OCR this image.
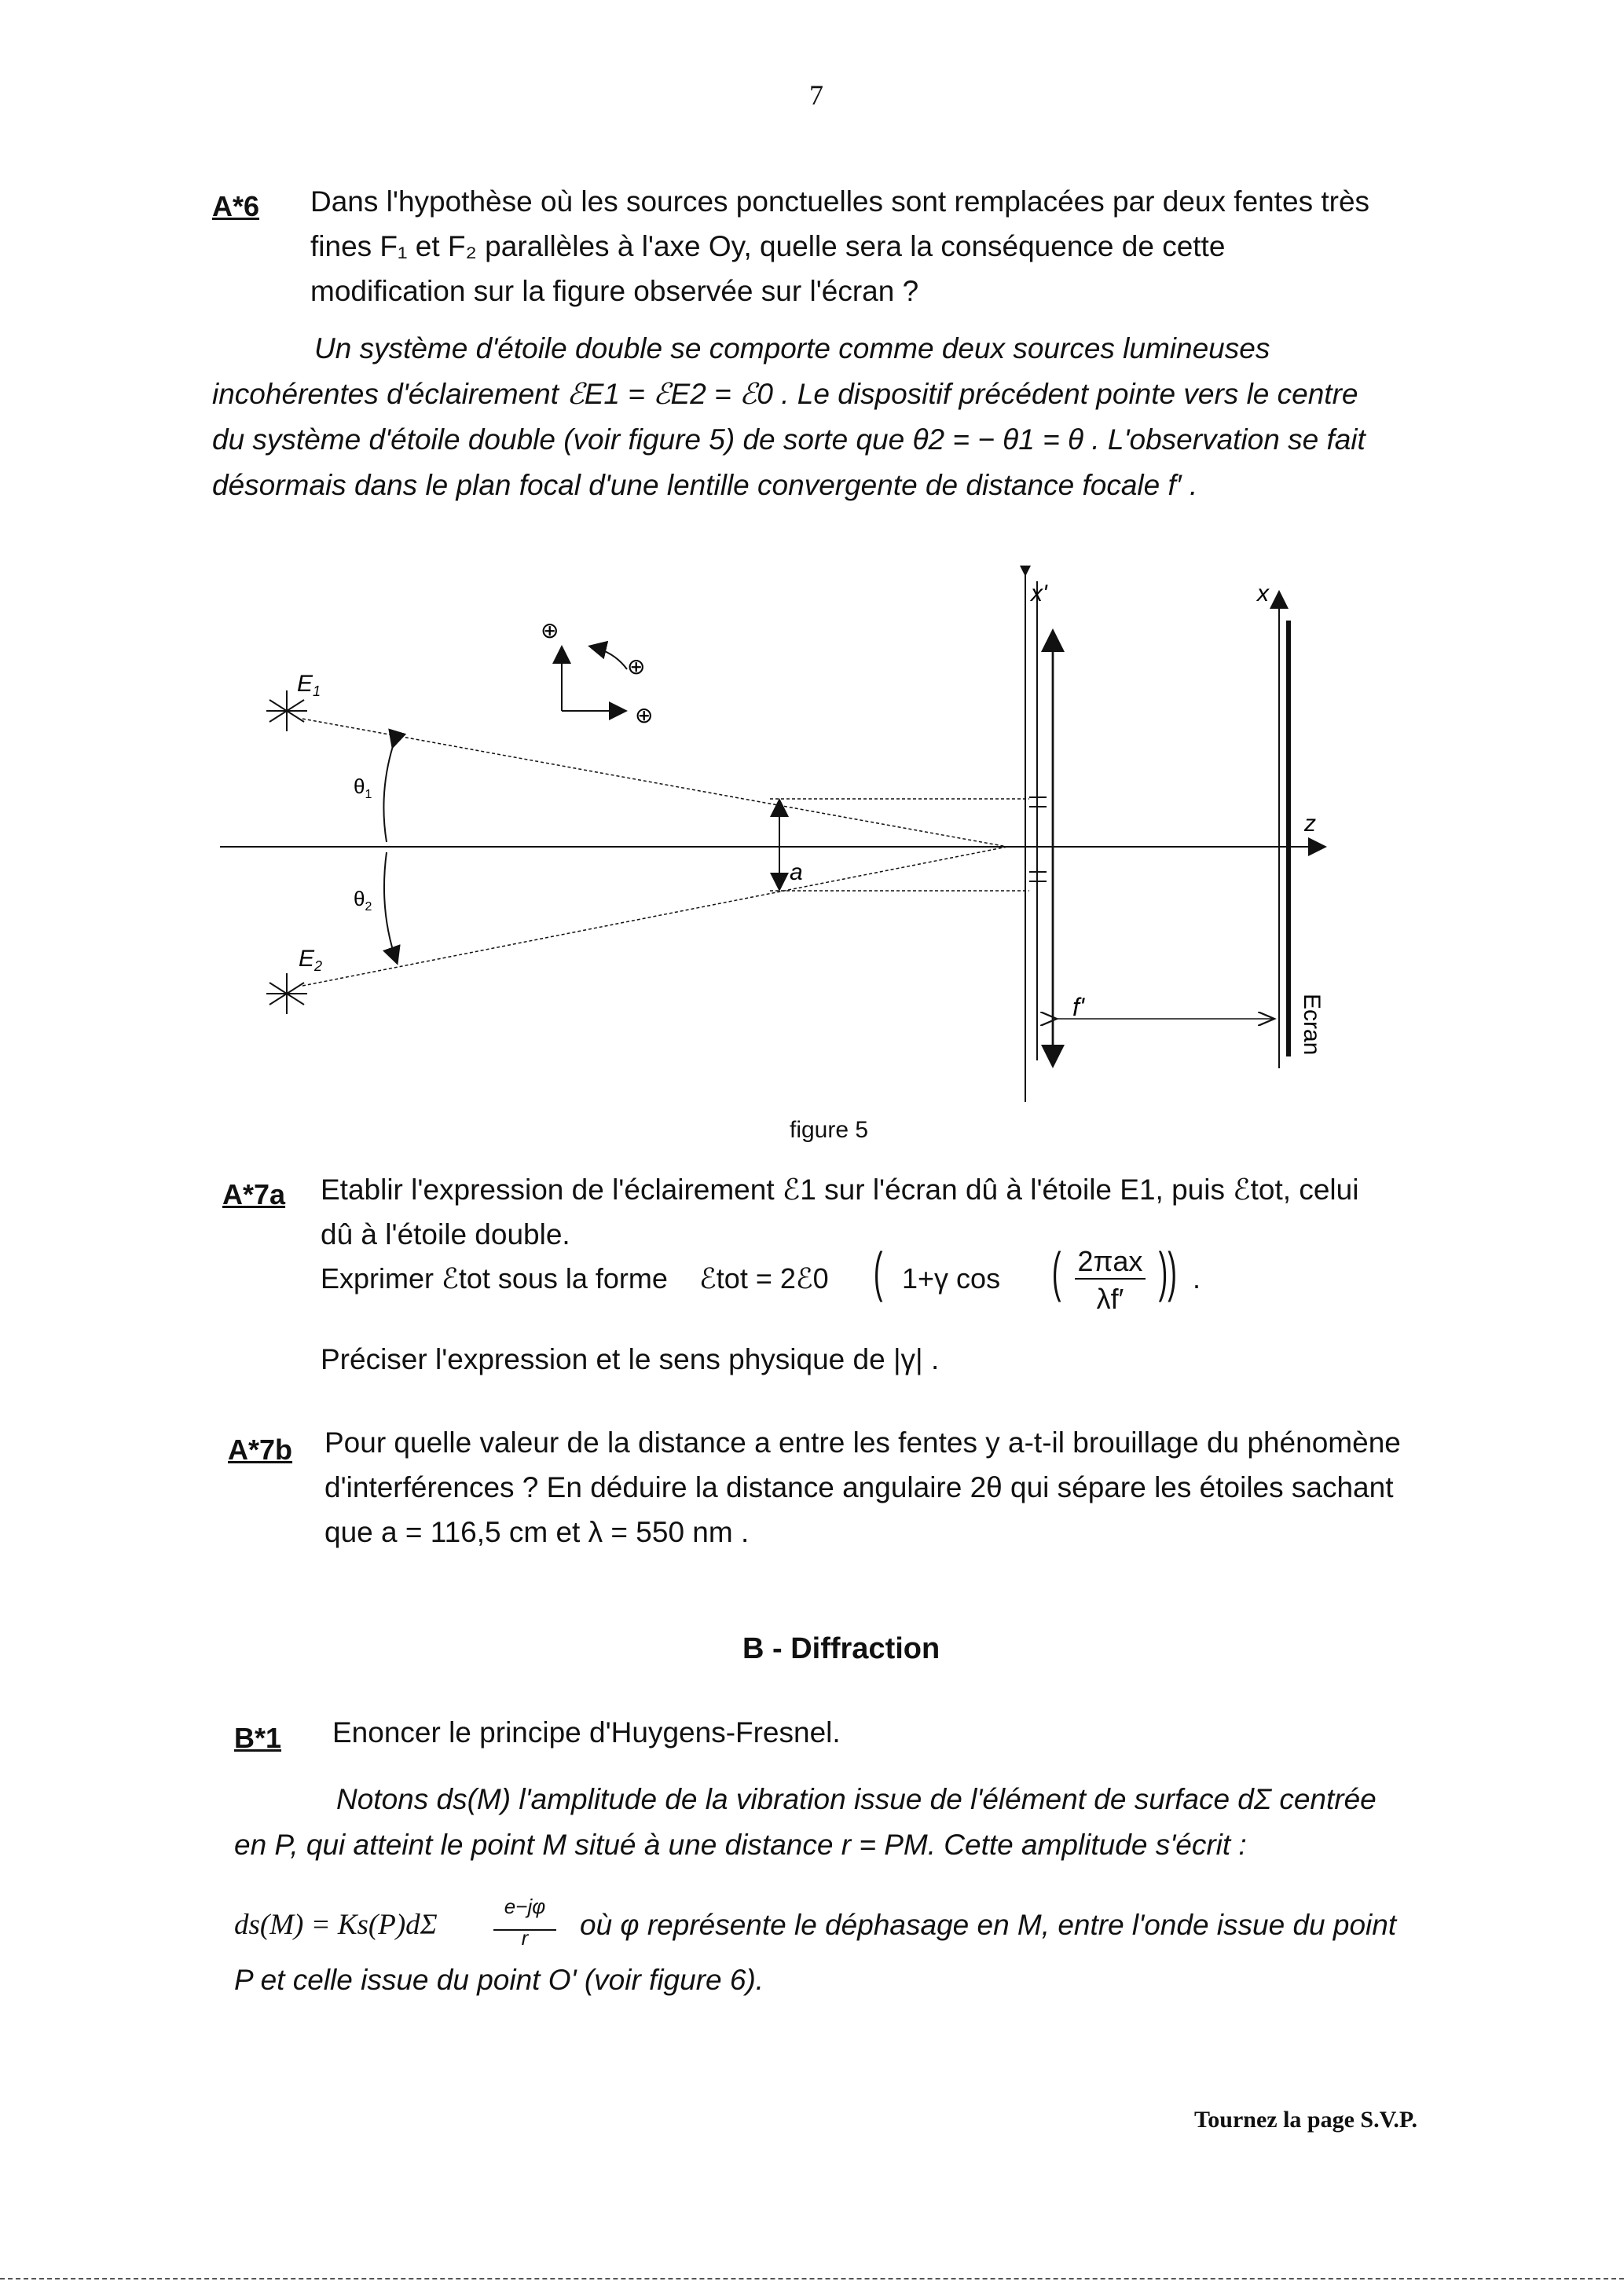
7
A*6 Dans l'hypothèse où les sources ponctuelles sont remplacées par deux fentes très
fines F₁ et F₂ parallèles à l'axe Oy, quelle sera la conséquence de cette
modification sur la figure observée sur l'écran ?
Un système d'étoile double se comporte comme deux sources lumineuses
incohérentes d'éclairement ℰE1 = ℰE2 = ℰ0 . Le dispositif précédent pointe vers le centre
du système d'étoile double (voir figure 5) de sorte que θ2 = − θ1 = θ . L'observation se fait
désormais dans le plan focal d'une lentille convergente de distance focale f′ .
$E_1$
$E_2$
$\theta_1$
$\theta_2$
⊕
⊕
⊕
x'
a
x
z
Ecran
f'
figure 5
A*7a Etablir l'expression de l'éclairement ℰ1 sur l'écran dû à l'étoile E1, puis ℰtot, celui
dû à l'étoile double.
Exprimer ℰtot sous la forme ℰtot = 2ℰ0 ( 1+γ cos ( 2πax
λf′ )) .
Préciser l'expression et le sens physique de |γ| .
A*7b Pour quelle valeur de la distance a entre les fentes y a-t-il brouillage du phénomène
d'interférences ? En déduire la distance angulaire 2θ qui sépare les étoiles sachant
que a = 116,5 cm et λ = 550 nm .
B - Diffraction
B*1 Enoncer le principe d'Huygens-Fresnel.
Notons ds(M) l'amplitude de la vibration issue de l'élément de surface dΣ centrée
en P, qui atteint le point M situé à une distance r = PM. Cette amplitude s'écrit :
ds(M) = Ks(P)dΣ
e−jφ
r	où φ représente le déphasage en M, entre l'onde issue du point
P et celle issue du point O' (voir figure 6).
Tournez la page S.V.P.
